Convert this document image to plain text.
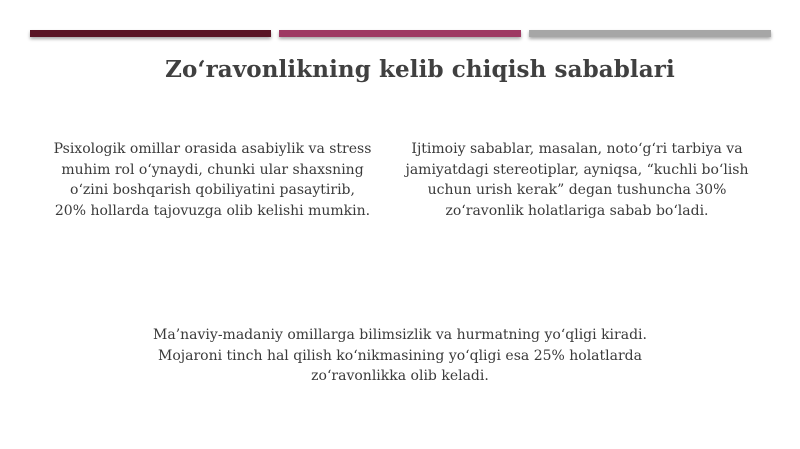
Zo‘ravonlikning kelib chiqish sabablari
Psixologik omillar orasida asabiylik va stress
muhim rol o‘ynaydi, chunki ular shaxsning
o‘zini boshqarish qobiliyatini pasaytirib,
20% hollarda tajovuzga olib kelishi mumkin.
Ijtimoiy sabablar, masalan, noto‘g‘ri tarbiya va
jamiyatdagi stereotiplar, ayniqsa, “kuchli bo‘lish
uchun urish kerak” degan tushuncha 30%
zo‘ravonlik holatlariga sabab bo‘ladi.
Ma’naviy-madaniy omillarga bilimsizlik va hurmatning yo‘qligi kiradi.
Mojaroni tinch hal qilish ko‘nikmasining yo‘qligi esa 25% holatlarda
zo‘ravonlikka olib keladi.
